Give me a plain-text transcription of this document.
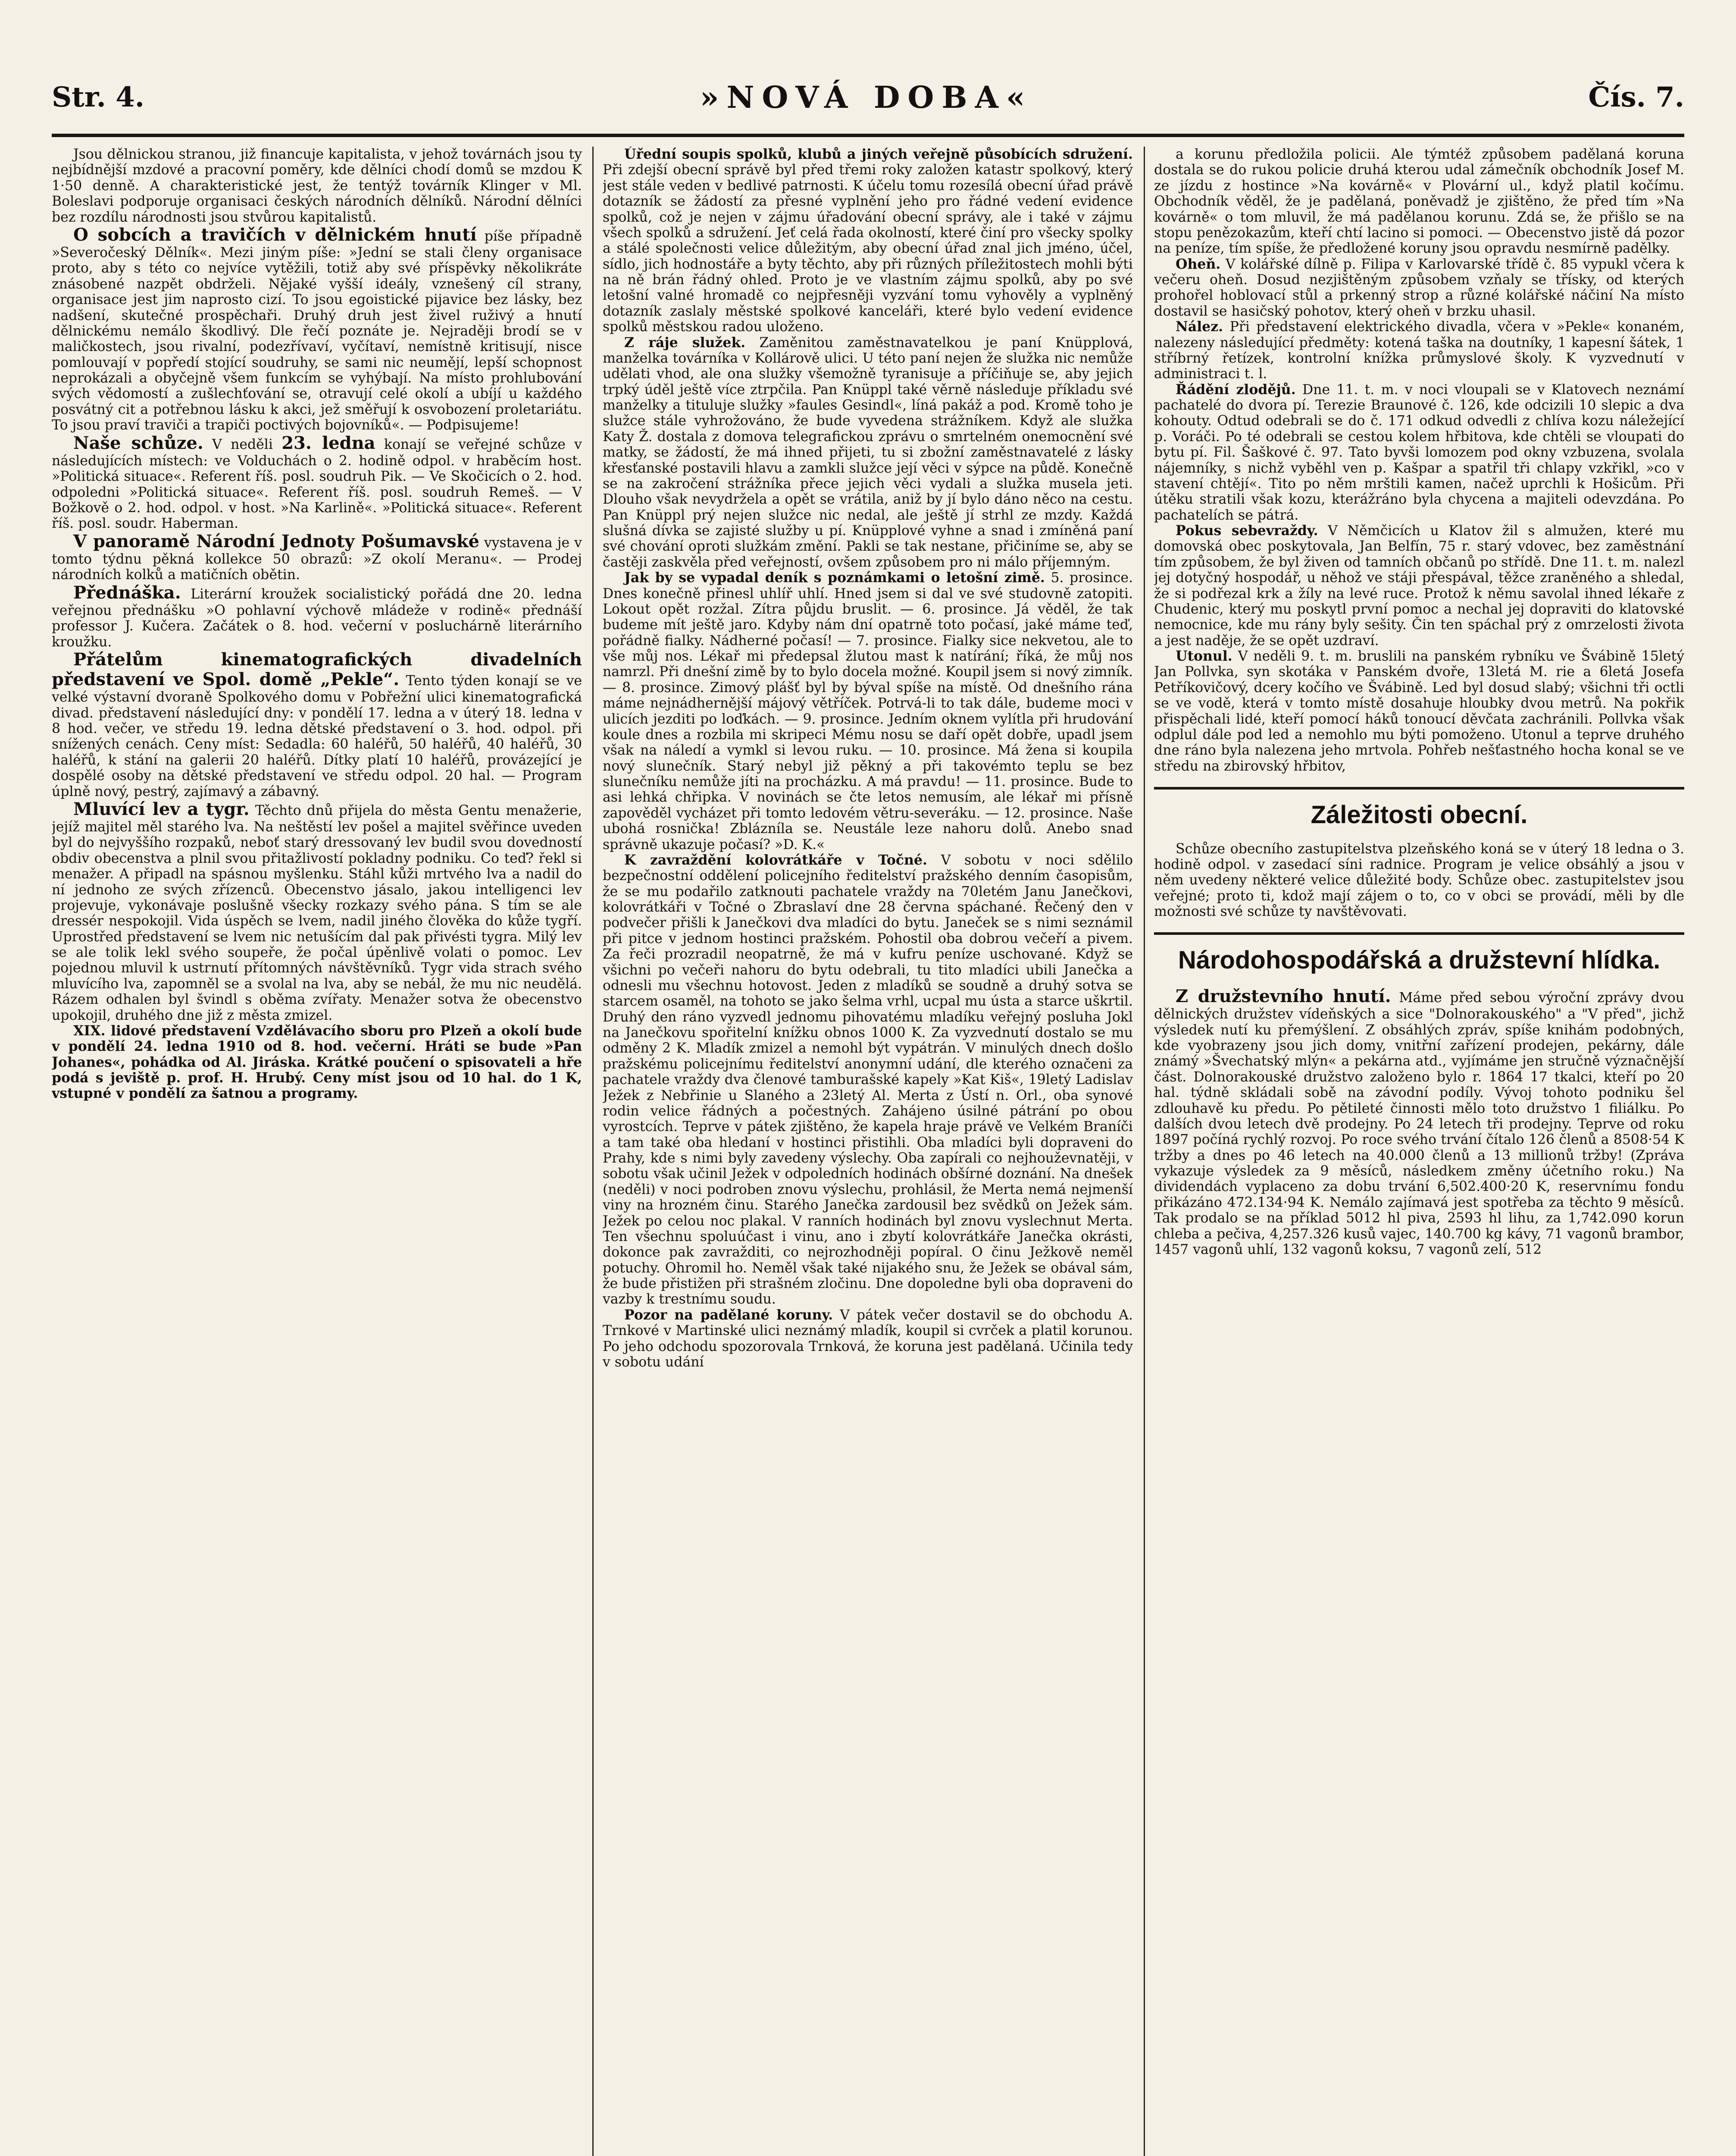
Str. 4.	»NOVÁ DOBA«	Čís. 7.

Jsou dělnickou stranou, již financuje kapitalista, v jehož továrnách jsou ty nejbídnější mzdové a pracovní poměry, kde dělníci chodí domů se mzdou K 1·50 denně. A charakteristické jest, že tentýž továrník Klinger v Ml. Boleslavi podporuje organisaci českých národních dělníků. Národní dělníci bez rozdílu národnosti jsou stvůrou kapitalistů.

O sobcích a travičích v dělnickém hnutí píše případně »Severočeský Dělník«. Mezi jiným píše: »Jední se stali členy organisace proto, aby s této co nejvíce vytěžili, totiž aby své příspěvky několikráte znásobené nazpět obdrželi. Nějaké vyšší ideály, vznešený cíl strany, organisace jest jim naprosto cizí. To jsou egoistické pijavice bez lásky, bez nadšení, skutečné prospěchaři. Druhý druh jest živel ruživý a hnutí dělnickému nemálo škodlivý. Dle řečí poznáte je. Nejraději brodí se v maličkostech, jsou rivalní, podezřívaví, vyčítaví, nemístně kritisují, nisce pomlouvají v popředí stojící soudruhy, se sami nic neumějí, lepší schopnost neprokázali a obyčejně všem funkcím se vyhýbají. Na místo prohlubování svých vědomostí a zušlechťování se, otravují celé okolí a ubíjí u každého posvátný cit a potřebnou lásku k akci, jež směřují k osvobození proletariátu. To jsou praví traviči a trapiči poctivých bojovníků«. — Podpisujeme!

Naše schůze. V neděli 23. ledna konají se veřejné schůze v následujících místech: ve Volduchách o 2. hodině odpol. v hraběcím host. »Politická situace«. Referent říš. posl. soudruh Pik. — Ve Skočicích o 2. hod. odpoledni »Politická situace«. Referent říš. posl. soudruh Remeš. — V Božkově o 2. hod. odpol. v host. »Na Karlině«. »Politická situace«. Referent říš. posl. soudr. Haberman.

V panoramě Národní Jednoty Pošumavské vystavena je v tomto týdnu pěkná kollekce 50 obrazů: »Z okolí Meranu«. — Prodej národních kolků a matičních obětin.

Přednáška. Literární kroužek socialistický pořádá dne 20. ledna veřejnou přednášku »O pohlavní výchově mládeže v rodině« přednáší professor J. Kučera. Začátek o 8. hod. večerní v posluchárně literárního kroužku.

Přátelům kinematografických divadelních představení ve Spol. domě „Pekle“. Tento týden konají se ve velké výstavní dvoraně Spolkového domu v Pobřežní ulici kinematografická divad. představení následující dny: v pondělí 17. ledna a v úterý 18. ledna v 8 hod. večer, ve středu 19. ledna dětské představení o 3. hod. odpol. při snížených cenách. Ceny míst: Sedadla: 60 haléřů, 50 haléřů, 40 haléřů, 30 haléřů, k stání na galerii 20 haléřů. Dítky platí 10 haléřů, provázející je dospělé osoby na dětské představení ve středu odpol. 20 hal. — Program úplně nový, pestrý, zajímavý a zábavný.

Mluvící lev a tygr. Těchto dnů přijela do města Gentu menažerie, jejíž majitel měl starého lva. Na neštěstí lev pošel a majitel svěřince uveden byl do nejvyššího rozpaků, neboť starý dressovaný lev budil svou dovedností obdiv obecenstva a plnil svou přitažlivostí pokladny podniku. Co teď? řekl si menažer. A připadl na spásnou myšlenku. Stáhl kůži mrtvého lva a nadil do ní jednoho ze svých zřízenců. Obecenstvo jásalo, jakou intelligenci lev projevuje, vykonávaje poslušně všecky rozkazy svého pána. S tím se ale dressér nespokojil. Vida úspěch se lvem, nadil jiného člověka do kůže tygří. Uprostřed představení se lvem nic netušícím dal pak přivésti tygra. Milý lev se ale tolik lekl svého soupeře, že počal úpěnlivě volati o pomoc. Lev pojednou mluvil k ustrnutí přítomných návštěvníků. Tygr vida strach svého mluvícího lva, zapomněl se a svolal na lva, aby se nebál, že mu nic neudělá. Rázem odhalen byl švindl s oběma zvířaty. Menažer sotva že obecenstvo upokojil, druhého dne již z města zmizel.

XIX. lidové představení Vzdělávacího sboru pro Plzeň a okolí bude v pondělí 24. ledna 1910 od 8. hod. večerní. Hráti se bude »Pan Johanes«, pohádka od Al. Jiráska. Krátké poučení o spisovateli a hře podá s jeviště p. prof. H. Hrubý. Ceny míst jsou od 10 hal. do 1 K, vstupné v pondělí za šatnou a programy.

Úřední soupis spolků, klubů a jiných veřejně působících sdružení. Při zdejší obecní správě byl před třemi roky založen katastr spolkový, který jest stále veden v bedlivé patrnosti. K účelu tomu rozesílá obecní úřad právě dotazník se žádostí za přesné vyplnění jeho pro řádné vedení evidence spolků, což je nejen v zájmu úřadování obecní správy, ale i také v zájmu všech spolků a sdružení. Jeť celá řada okolností, které činí pro všecky spolky a stálé společnosti velice důležitým, aby obecní úřad znal jich jméno, účel, sídlo, jich hodnostáře a byty těchto, aby při různých příležitostech mohli býti na ně brán řádný ohled. Proto je ve vlastním zájmu spolků, aby po své letošní valné hromadě co nejpřesněji vyzvání tomu vyhověly a vyplněný dotazník zaslaly městské spolkové kanceláři, které bylo vedení evidence spolků městskou radou uloženo.

Z ráje služek. Zaměnitou zaměstnavatelkou je paní Knüpplová, manželka továrníka v Kollárově ulici. U této paní nejen že služka nic nemůže udělati vhod, ale ona služky všemožně tyranisuje a příčiňuje se, aby jejich trpký úděl ještě více ztrpčila. Pan Knüppl také věrně následuje příkladu své manželky a tituluje služky »faules Gesindl«, líná pakáž a pod. Kromě toho je služce stále vyhrožováno, že bude vyvedena strážníkem. Když ale služka Katy Ž. dostala z domova telegrafickou zprávu o smrtelném onemocnění své matky, se žádostí, že má ihned přijeti, tu si zbožní zaměstnavatelé z lásky křesťanské postavili hlavu a zamkli služce její věci v sýpce na půdě. Konečně se na zakročení strážníka přece jejich věci vydali a služka musela jeti. Dlouho však nevydržela a opět se vrátila, aniž by jí bylo dáno něco na cestu. Pan Knüppl prý nejen služce nic nedal, ale ještě jí strhl ze mzdy. Každá slušná dívka se zajisté služby u pí. Knüpplové vyhne a snad i zmíněná paní své chování oproti služkám změní. Pakli se tak nestane, přičiníme se, aby se častěji zaskvěla před veřejností, ovšem způsobem pro ni málo příjemným.

Jak by se vypadal deník s poznámkami o letošní zimě. 5. prosince. Dnes konečně přinesl uhlíř uhlí. Hned jsem si dal ve své studovně zatopiti. Lokout opět rozžal. Zítra půjdu bruslit. — 6. prosince. Já věděl, že tak budeme mít ještě jaro. Kdyby nám dní opatrně toto počasí, jaké máme teď, pořádně fialky. Nádherné počasí! — 7. prosince. Fialky sice nekvetou, ale to vše můj nos. Lékař mi předepsal žlutou mast k natírání; říká, že můj nos namrzl. Při dnešní zimě by to bylo docela možné. Koupil jsem si nový zimník. — 8. prosince. Zimový plášť byl by býval spíše na místě. Od dnešního rána máme nejnádhernější májový větříček. Potrvá-li to tak dále, budeme moci v ulicích jezditi po loďkách. — 9. prosince. Jedním oknem vylítla při hrudování koule dnes a rozbila mi skripeci Mému nosu se daří opět dobře, upadl jsem však na náledí a vymkl si levou ruku. — 10. prosince. Má žena si koupila nový slunečník. Starý nebyl již pěkný a při takovémto teplu se bez slunečníku nemůže jíti na procházku. A má pravdu! — 11. prosince. Bude to asi lehká chřipka. V novinách se čte letos nemusím, ale lékař mi přísně zapověděl vycházet při tomto ledovém větru-severáku. — 12. prosince. Naše ubohá rosnička! Zblázníla se. Neustále leze nahoru dolů. Anebo snad správně ukazuje počasí? »D. K.«

K zavraždění kolovrátkáře v Točné. V sobotu v noci sdělilo bezpečnostní oddělení policejního ředitelství pražského denním časopisům, že se mu podařilo zatknouti pachatele vraždy na 70letém Janu Janečkovi, kolovrátkáři v Točné o Zbraslaví dne 28 června spáchané. Řečený den v podvečer přišli k Janečkovi dva mladíci do bytu. Janeček se s nimi seznámil při pitce v jednom hostinci pražském. Pohostil oba dobrou večeří a pivem. Za řeči prozradil neopatrně, že má v kufru peníze uschované. Když se všichni po večeři nahoru do bytu odebrali, tu tito mladíci ubili Janečka a odnesli mu všechnu hotovost. Jeden z mladíků se soudně a druhý sotva se starcem osaměl, na tohoto se jako šelma vrhl, ucpal mu ústa a starce uškrtil. Druhý den ráno vyzvedl jednomu pihovatému mladíku veřejný posluha Jokl na Janečkovu spořitelní knížku obnos 1000 K. Za vyzvednutí dostalo se mu odměny 2 K. Mladík zmizel a nemohl být vypátrán. V minulých dnech došlo pražskému policejnímu ředitelství anonymní udání, dle kterého označeni za pachatele vraždy dva členové tamburašské kapely »Kat Kiš«, 19letý Ladislav Ježek z Nebřinie u Slaného a 23letý Al. Merta z Ústí n. Orl., oba synové rodin velice řádných a počestných. Zahájeno úsilné pátrání po obou vyrostcích. Teprve v pátek zjištěno, že kapela hraje právě ve Velkém Braníči a tam také oba hledaní v hostinci přistihli. Oba mladíci byli dopraveni do Prahy, kde s nimi byly zavedeny výslechy. Oba zapírali co nejhouževnatěji, v sobotu však učinil Ježek v odpoledních hodinách obšírné doznání. Na dnešek (neděli) v noci podroben znovu výslechu, prohlásil, že Merta nemá nejmenší viny na hrozném činu. Starého Janečka zardousil bez svědků on Ježek sám. Ježek po celou noc plakal. V ranních hodinách byl znovu vyslechnut Merta. Ten všechnu spoluúčast i vinu, ano i zbytí kolovrátkáře Janečka okrásti, dokonce pak zavražditi, co nejrozhodněji popíral. O činu Ježkově neměl potuchy. Ohromil ho. Neměl však také nijakého snu, že Ježek se obával sám, že bude přistižen při strašném zločinu. Dne dopoledne byli oba dopraveni do vazby k trestnímu soudu.

Pozor na padělané koruny. V pátek večer dostavil se do obchodu A. Trnkové v Martinské ulici neznámý mladík, koupil si cvrček a platil korunou. Po jeho odchodu spozorovala Trnková, že koruna jest padělaná. Učinila tedy v sobotu udání

a korunu předložila policii. Ale týmtéž způsobem padělaná koruna dostala se do rukou policie druhá kterou udal zámečník obchodník Josef M. ze jízdu z hostince »Na kovárně« v Plovární ul., když platil kočímu. Obchodník věděl, že je padělaná, poněvadž je zjištěno, že před tím »Na kovárně« o tom mluvil, že má padělanou korunu. Zdá se, že přišlo se na stopu penězokazům, kteří chtí lacino si pomoci. — Obecenstvo jistě dá pozor na peníze, tím spíše, že předložené koruny jsou opravdu nesmírně padělky.

Oheň. V kolářské dílně p. Filipa v Karlovarské třídě č. 85 vypukl včera k večeru oheň. Dosud nezjištěným způsobem vzňaly se třísky, od kterých prohořel hoblovací stůl a prkenný strop a různé kolářské náčiní Na místo dostavil se hasičský pohotov, který oheň v brzku uhasil.

Nález. Při představení elektrického divadla, včera v »Pekle« konaném, nalezeny následující předměty: kotená taška na doutníky, 1 kapesní šátek, 1 stříbrný řetízek, kontrolní knížka průmyslové školy. K vyzvednutí v administraci t. l.

Řádění zlodějů. Dne 11. t. m. v noci vloupali se v Klatovech neznámí pachatelé do dvora pí. Terezie Braunové č. 126, kde odcizili 10 slepic a dva kohouty. Odtud odebrali se do č. 171 odkud odvedli z chlíva kozu náležející p. Voráči. Po té odebrali se cestou kolem hřbitova, kde chtěli se vloupati do bytu pí. Fil. Šaškové č. 97. Tato byvši lomozem pod okny vzbuzena, svolala nájemníky, s nichž vyběhl ven p. Kašpar a spatřil tři chlapy vzkřikl, »co v stavení chtějí«. Tito po něm mrštili kamen, načež uprchli k Hošicům. Při útěku stratili však kozu, kterážráno byla chycena a majiteli odevzdána. Po pachatelích se pátrá.

Pokus sebevraždy. V Němčicích u Klatov žil s almužen, které mu domovská obec poskytovala, Jan Belfín, 75 r. starý vdovec, bez zaměstnání tím způsobem, že byl živen od tamních občanů po střídě. Dne 11. t. m. nalezl jej dotyčný hospodář, u něhož ve stáji přespával, těžce zraněného a shledal, že si podřezal krk a žíly na levé ruce. Protož k němu savolal ihned lékaře z Chudenic, který mu poskytl první pomoc a nechal jej dopraviti do klatovské nemocnice, kde mu rány byly sešity. Čin ten spáchal prý z omrzelosti života a jest naděje, že se opět uzdraví.

Utonul. V neděli 9. t. m. bruslili na panském rybníku ve Švábině 15letý Jan Pollvka, syn skotáka v Panském dvoře, 13letá M. rie a 6letá Josefa Petříkovičový, dcery kočího ve Švábině. Led byl dosud slabý; všichni tři octli se ve vodě, která v tomto místě dosahuje hloubky dvou metrů. Na pokřik přispěchali lidé, kteří pomocí háků tonoucí děvčata zachránili. Pollvka však odplul dále pod led a nemohlo mu býti pomoženo. Utonul a teprve druhého dne ráno byla nalezena jeho mrtvola. Pohřeb nešťastného hocha konal se ve středu na zbirovský hřbitov,

Záležitosti obecní.

Schůze obecního zastupitelstva plzeňského koná se v úterý 18 ledna o 3. hodině odpol. v zasedací síni radnice. Program je velice obsáhlý a jsou v něm uvedeny některé velice důležité body. Schůze obec. zastupitelstev jsou veřejné; proto ti, kdož mají zájem o to, co v obci se provádí, měli by dle možnosti své schůze ty navštěvovati.

Národohospodářská a družstevní hlídka.

Z družstevního hnutí. Máme před sebou výroční zprávy dvou dělnických družstev vídeňských a sice "Dolnorakouského" a "V před", jichž výsledek nutí ku přemýšlení. Z obsáhlých zpráv, spíše knihám podobných, kde vyobrazeny jsou jich domy, vnitřní zařízení prodejen, pekárny, dále známý »Švechatský mlýn« a pekárna atd., vyjímáme jen stručně význačnější část. Dolnorakouské družstvo založeno bylo r. 1864 17 tkalci, kteří po 20 hal. týdně skládali sobě na závodní podíly. Vývoj tohoto podniku šel zdlouhavě ku předu. Po pětileté činnosti mělo toto družstvo 1 filiálku. Po dalších dvou letech dvě prodejny. Po 24 letech tři prodejny. Teprve od roku 1897 počíná rychlý rozvoj. Po roce svého trvání čítalo 126 členů a 8508·54 K tržby a dnes po 46 letech na 40.000 členů a 13 millionů tržby! (Zpráva vykazuje výsledek za 9 měsíců, následkem změny účetního roku.) Na dividendách vyplaceno za dobu trvání 6,502.400·20 K, reservnímu fondu přikázáno 472.134·94 K. Nemálo zajímavá jest spotřeba za těchto 9 měsíců. Tak prodalo se na příklad 5012 hl piva, 2593 hl lihu, za 1,742.090 korun chleba a pečiva, 4,257.326 kusů vajec, 140.700 kg kávy, 71 vagonů brambor, 1457 vagonů uhlí, 132 vagonů koksu, 7 vagonů zelí, 512
